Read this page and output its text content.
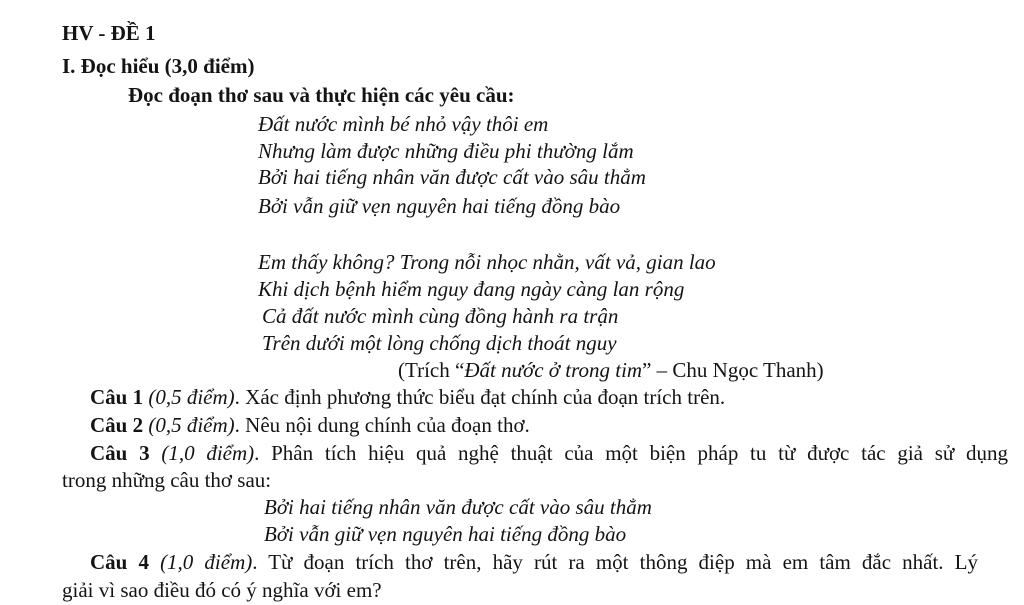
HV - ĐỀ 1
I. Đọc hiểu (3,0 điểm)
Đọc đoạn thơ sau và thực hiện các yêu cầu:
Đất nước mình bé nhỏ vậy thôi em
Nhưng làm được những điều phi thường lắm
Bởi hai tiếng nhân văn được cất vào sâu thẳm
Bởi vẫn giữ vẹn nguyên hai tiếng đồng bào
Em thấy không? Trong nỗi nhọc nhằn, vất vả, gian lao
Khi dịch bệnh hiểm nguy đang ngày càng lan rộng
Cả đất nước mình cùng đồng hành ra trận
Trên dưới một lòng chống dịch thoát nguy
(Trích “Đất nước ở trong tim” – Chu Ngọc Thanh)
Câu 1 (0,5 điểm). Xác định phương thức biểu đạt chính của đoạn trích trên.
Câu 2 (0,5 điểm). Nêu nội dung chính của đoạn thơ.
Câu 3 (1,0 điểm). Phân tích hiệu quả nghệ thuật của một biện pháp tu từ được tác giả sử dụng
trong những câu thơ sau:
Bởi hai tiếng nhân văn được cất vào sâu thẳm
Bởi vẫn giữ vẹn nguyên hai tiếng đồng bào
Câu 4 (1,0 điểm). Từ đoạn trích thơ trên, hãy rút ra một thông điệp mà em tâm đắc nhất. Lý
giải vì sao điều đó có ý nghĩa với em?
